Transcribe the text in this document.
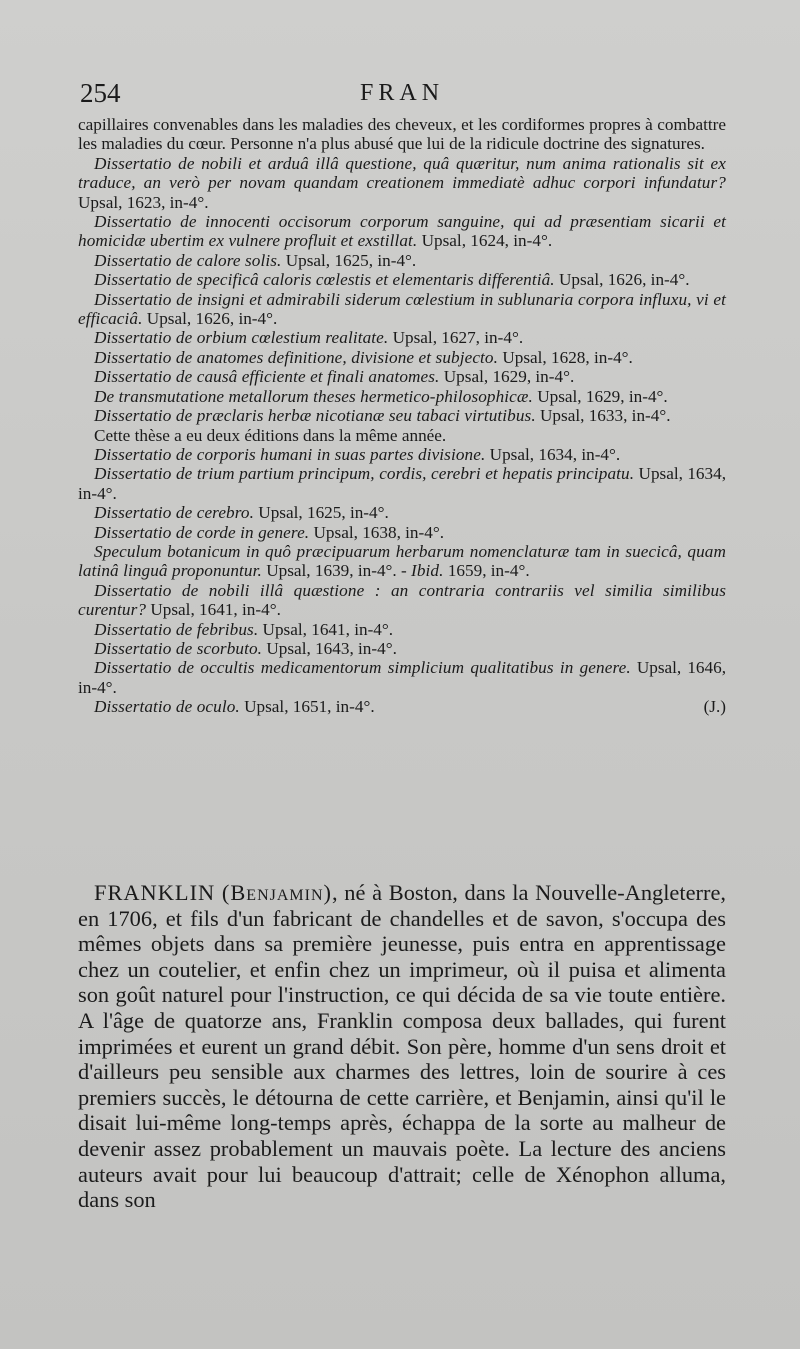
254	FRAN

capillaires convenables dans les maladies des cheveux, et les cordiformes propres à combattre les maladies du cœur. Personne n'a plus abusé que lui de la ridicule doctrine des signatures.

Dissertatio de nobili et arduâ illâ questione, quâ quæritur, num anima rationalis sit ex traduce, an verò per novam quandam creationem immediatè adhuc corpori infundatur? Upsal, 1623, in-4°.

Dissertatio de innocenti occisorum corporum sanguine, qui ad præsentiam sicarii et homicidæ ubertim ex vulnere profluit et exstillat. Upsal, 1624, in-4°.

Dissertatio de calore solis. Upsal, 1625, in-4°.

Dissertatio de specificâ caloris cœlestis et elementaris differentiâ. Upsal, 1626, in-4°.

Dissertatio de insigni et admirabili siderum cœlestium in sublunaria corpora influxu, vi et efficaciâ. Upsal, 1626, in-4°.

Dissertatio de orbium cœlestium realitate. Upsal, 1627, in-4°.

Dissertatio de anatomes definitione, divisione et subjecto. Upsal, 1628, in-4°.

Dissertatio de causâ efficiente et finali anatomes. Upsal, 1629, in-4°.

De transmutatione metallorum theses hermetico-philosophicæ. Upsal, 1629, in-4°.

Dissertatio de præclaris herbæ nicotianæ seu tabaci virtutibus. Upsal, 1633, in-4°.

Cette thèse a eu deux éditions dans la même année.

Dissertatio de corporis humani in suas partes divisione. Upsal, 1634, in-4°.

Dissertatio de trium partium principum, cordis, cerebri et hepatis principatu. Upsal, 1634, in-4°.

Dissertatio de cerebro. Upsal, 1625, in-4°.

Dissertatio de corde in genere. Upsal, 1638, in-4°.

Speculum botanicum in quô præcipuarum herbarum nomenclaturæ tam in suecicâ, quam latinâ linguâ proponuntur. Upsal, 1639, in-4°. - Ibid. 1659, in-4°.

Dissertatio de nobili illâ quæstione : an contraria contrariis vel similia similibus curentur? Upsal, 1641, in-4°.

Dissertatio de febribus. Upsal, 1641, in-4°.

Dissertatio de scorbuto. Upsal, 1643, in-4°.

Dissertatio de occultis medicamentorum simplicium qualitatibus in genere. Upsal, 1646, in-4°.

Dissertatio de oculo. Upsal, 1651, in-4°.	(J.)

FRANKLIN (Benjamin), né à Boston, dans la Nouvelle-Angleterre, en 1706, et fils d'un fabricant de chandelles et de savon, s'occupa des mêmes objets dans sa première jeunesse, puis entra en apprentissage chez un coutelier, et enfin chez un imprimeur, où il puisa et alimenta son goût naturel pour l'instruction, ce qui décida de sa vie toute entière. A l'âge de quatorze ans, Franklin composa deux ballades, qui furent imprimées et eurent un grand débit. Son père, homme d'un sens droit et d'ailleurs peu sensible aux charmes des lettres, loin de sourire à ces premiers succès, le détourna de cette carrière, et Benjamin, ainsi qu'il le disait lui-même long-temps après, échappa de la sorte au malheur de devenir assez probablement un mauvais poète. La lecture des anciens auteurs avait pour lui beaucoup d'attrait; celle de Xénophon alluma, dans son
